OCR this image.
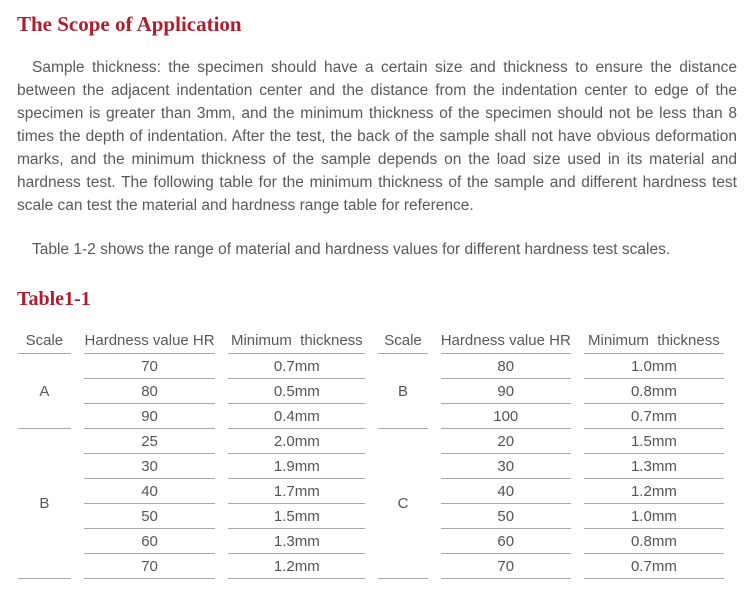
The Scope of Application

Sample thickness: the specimen should have a certain size and thickness to ensure the distance between the adjacent indentation center and the distance from the indentation center to edge of the specimen is greater than 3mm, and the minimum thickness of the specimen should not be less than 8 times the depth of indentation. After the test, the back of the sample shall not have obvious deformation marks, and the minimum thickness of the sample depends on the load size used in its material and hardness test. The following table for the minimum thickness of the sample and different hardness test scale can test the material and hardness range table for reference.

Table 1-2 shows the range of material and hardness values for different hardness test scales.

Table1-1
Scale	Hardness value HR	Minimum  thickness	Scale	Hardness value HR	Minimum  thickness
A	70	0.7mm	B	80	1.0mm
	80	0.5mm		90	0.8mm
	90	0.4mm		100	0.7mm
B	25	2.0mm	C	20	1.5mm
	30	1.9mm		30	1.3mm
	40	1.7mm		40	1.2mm
	50	1.5mm		50	1.0mm
	60	1.3mm		60	0.8mm
	70	1.2mm		70	0.7mm
